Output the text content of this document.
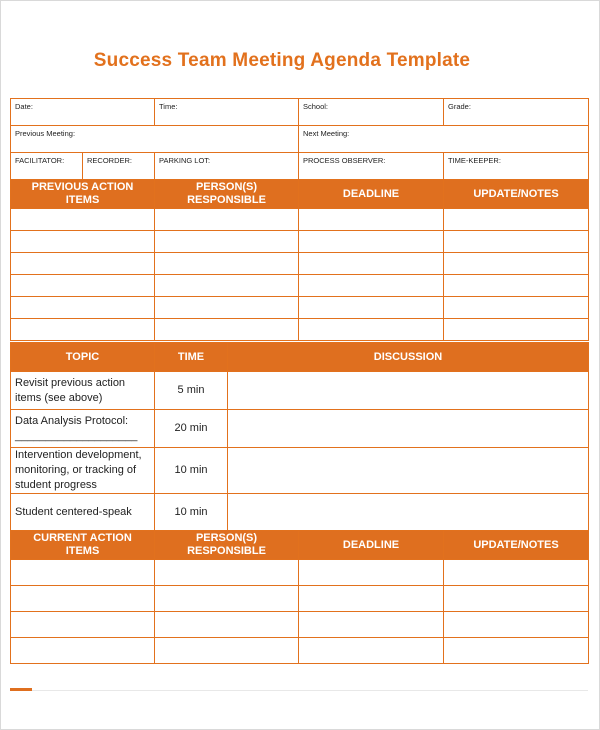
Success Team Meeting Agenda Template
Date:		Time:	School:	Grade:
Previous Meeting:			Next Meeting:	
FACILITATOR:	RECORDER:	PARKING LOT:	PROCESS OBSERVER:	TIME-KEEPER:
PREVIOUS ACTION ITEMS	PERSON(S) RESPONSIBLE	DEADLINE	UPDATE/NOTES

TOPIC	TIME	DISCUSSION
Revisit previous action items (see above)	5 min	
Data Analysis Protocol: ____________________	20 min	
Intervention development, monitoring, or tracking of student progress	10 min	
Student centered-speak	10 min	
CURRENT ACTION ITEMS	PERSON(S) RESPONSIBLE	DEADLINE	UPDATE/NOTES
